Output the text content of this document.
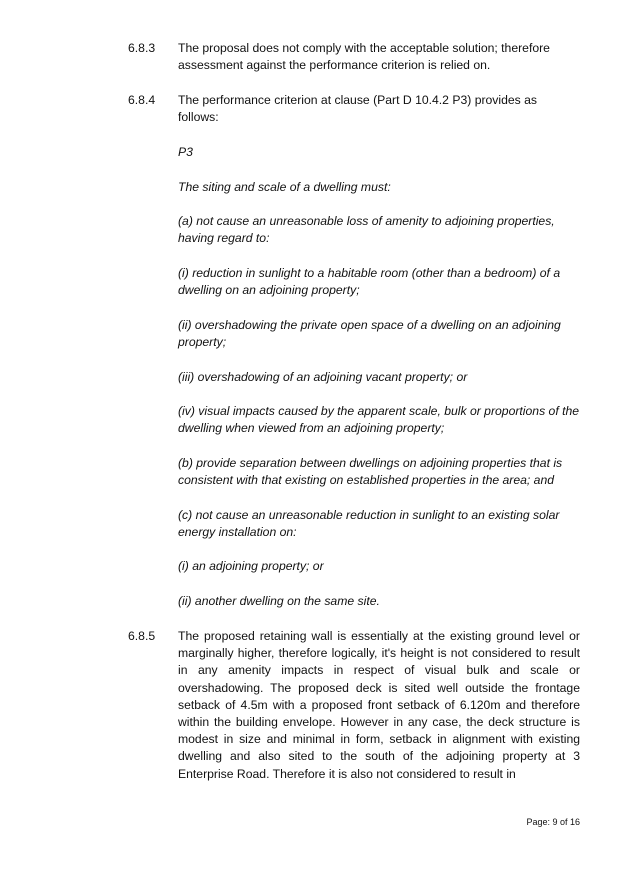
6.8.3 The proposal does not comply with the acceptable solution; therefore assessment against the performance criterion is relied on.
6.8.4 The performance criterion at clause (Part D 10.4.2 P3) provides as follows:
P3
The siting and scale of a dwelling must:
(a) not cause an unreasonable loss of amenity to adjoining properties, having regard to:
(i) reduction in sunlight to a habitable room (other than a bedroom) of a dwelling on an adjoining property;
(ii) overshadowing the private open space of a dwelling on an adjoining property;
(iii) overshadowing of an adjoining vacant property; or
(iv) visual impacts caused by the apparent scale, bulk or proportions of the dwelling when viewed from an adjoining property;
(b) provide separation between dwellings on adjoining properties that is consistent with that existing on established properties in the area; and
(c) not cause an unreasonable reduction in sunlight to an existing solar energy installation on:
(i) an adjoining property; or
(ii) another dwelling on the same site.
6.8.5 The proposed retaining wall is essentially at the existing ground level or marginally higher, therefore logically, it's height is not considered to result in any amenity impacts in respect of visual bulk and scale or overshadowing. The proposed deck is sited well outside the frontage setback of 4.5m with a proposed front setback of 6.120m and therefore within the building envelope. However in any case, the deck structure is modest in size and minimal in form, setback in alignment with existing dwelling and also sited to the south of the adjoining property at 3 Enterprise Road. Therefore it is also not considered to result in
Page: 9 of 16
